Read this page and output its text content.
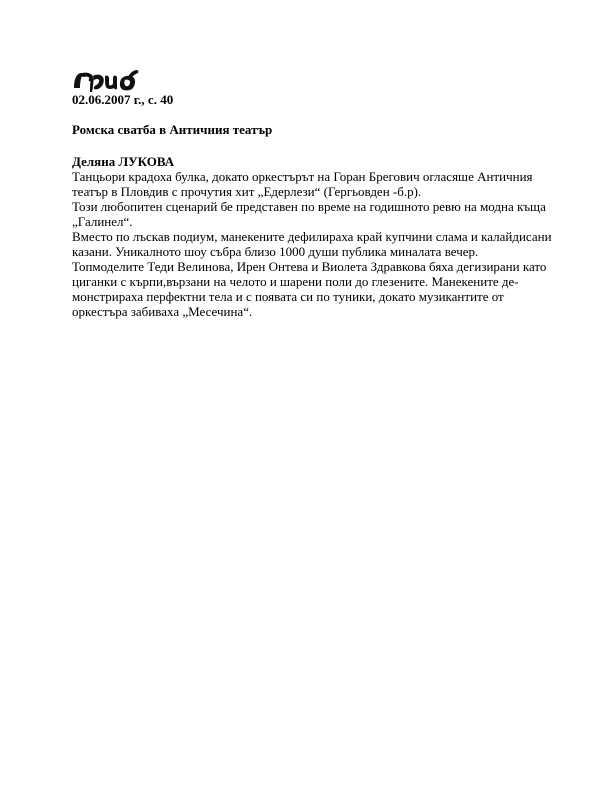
02.06.2007 г., с. 40
Ромска сватба в Античния театър
Деляна ЛУКОВА

Танцьори крадоха булка, докато оркестърът на Горан Брегович огласяше Античния театър в Пловдив с прочутия хит „Едерлези“ (Гергьовден -б.р).

Този любопитен сценарий бе представен по време на годишното ревю на модна къща „Галинел“.

Вместо по лъскав подиум, манекените дефилираха край купчини слама и калайдисани казани. Уникалното шоу събра близо 1000 души публика миналата вечер.

Топмоделите Теди Велинова, Ирен Онтева и Виолета Здравкова бяха дегизирани като циганки с кърпи,вързани на челото и шарени поли до глезените. Манекените де-монстрираха перфектни тела и с появата си по туники, докато музикантите от оркестъра забиваха „Месечина“.
